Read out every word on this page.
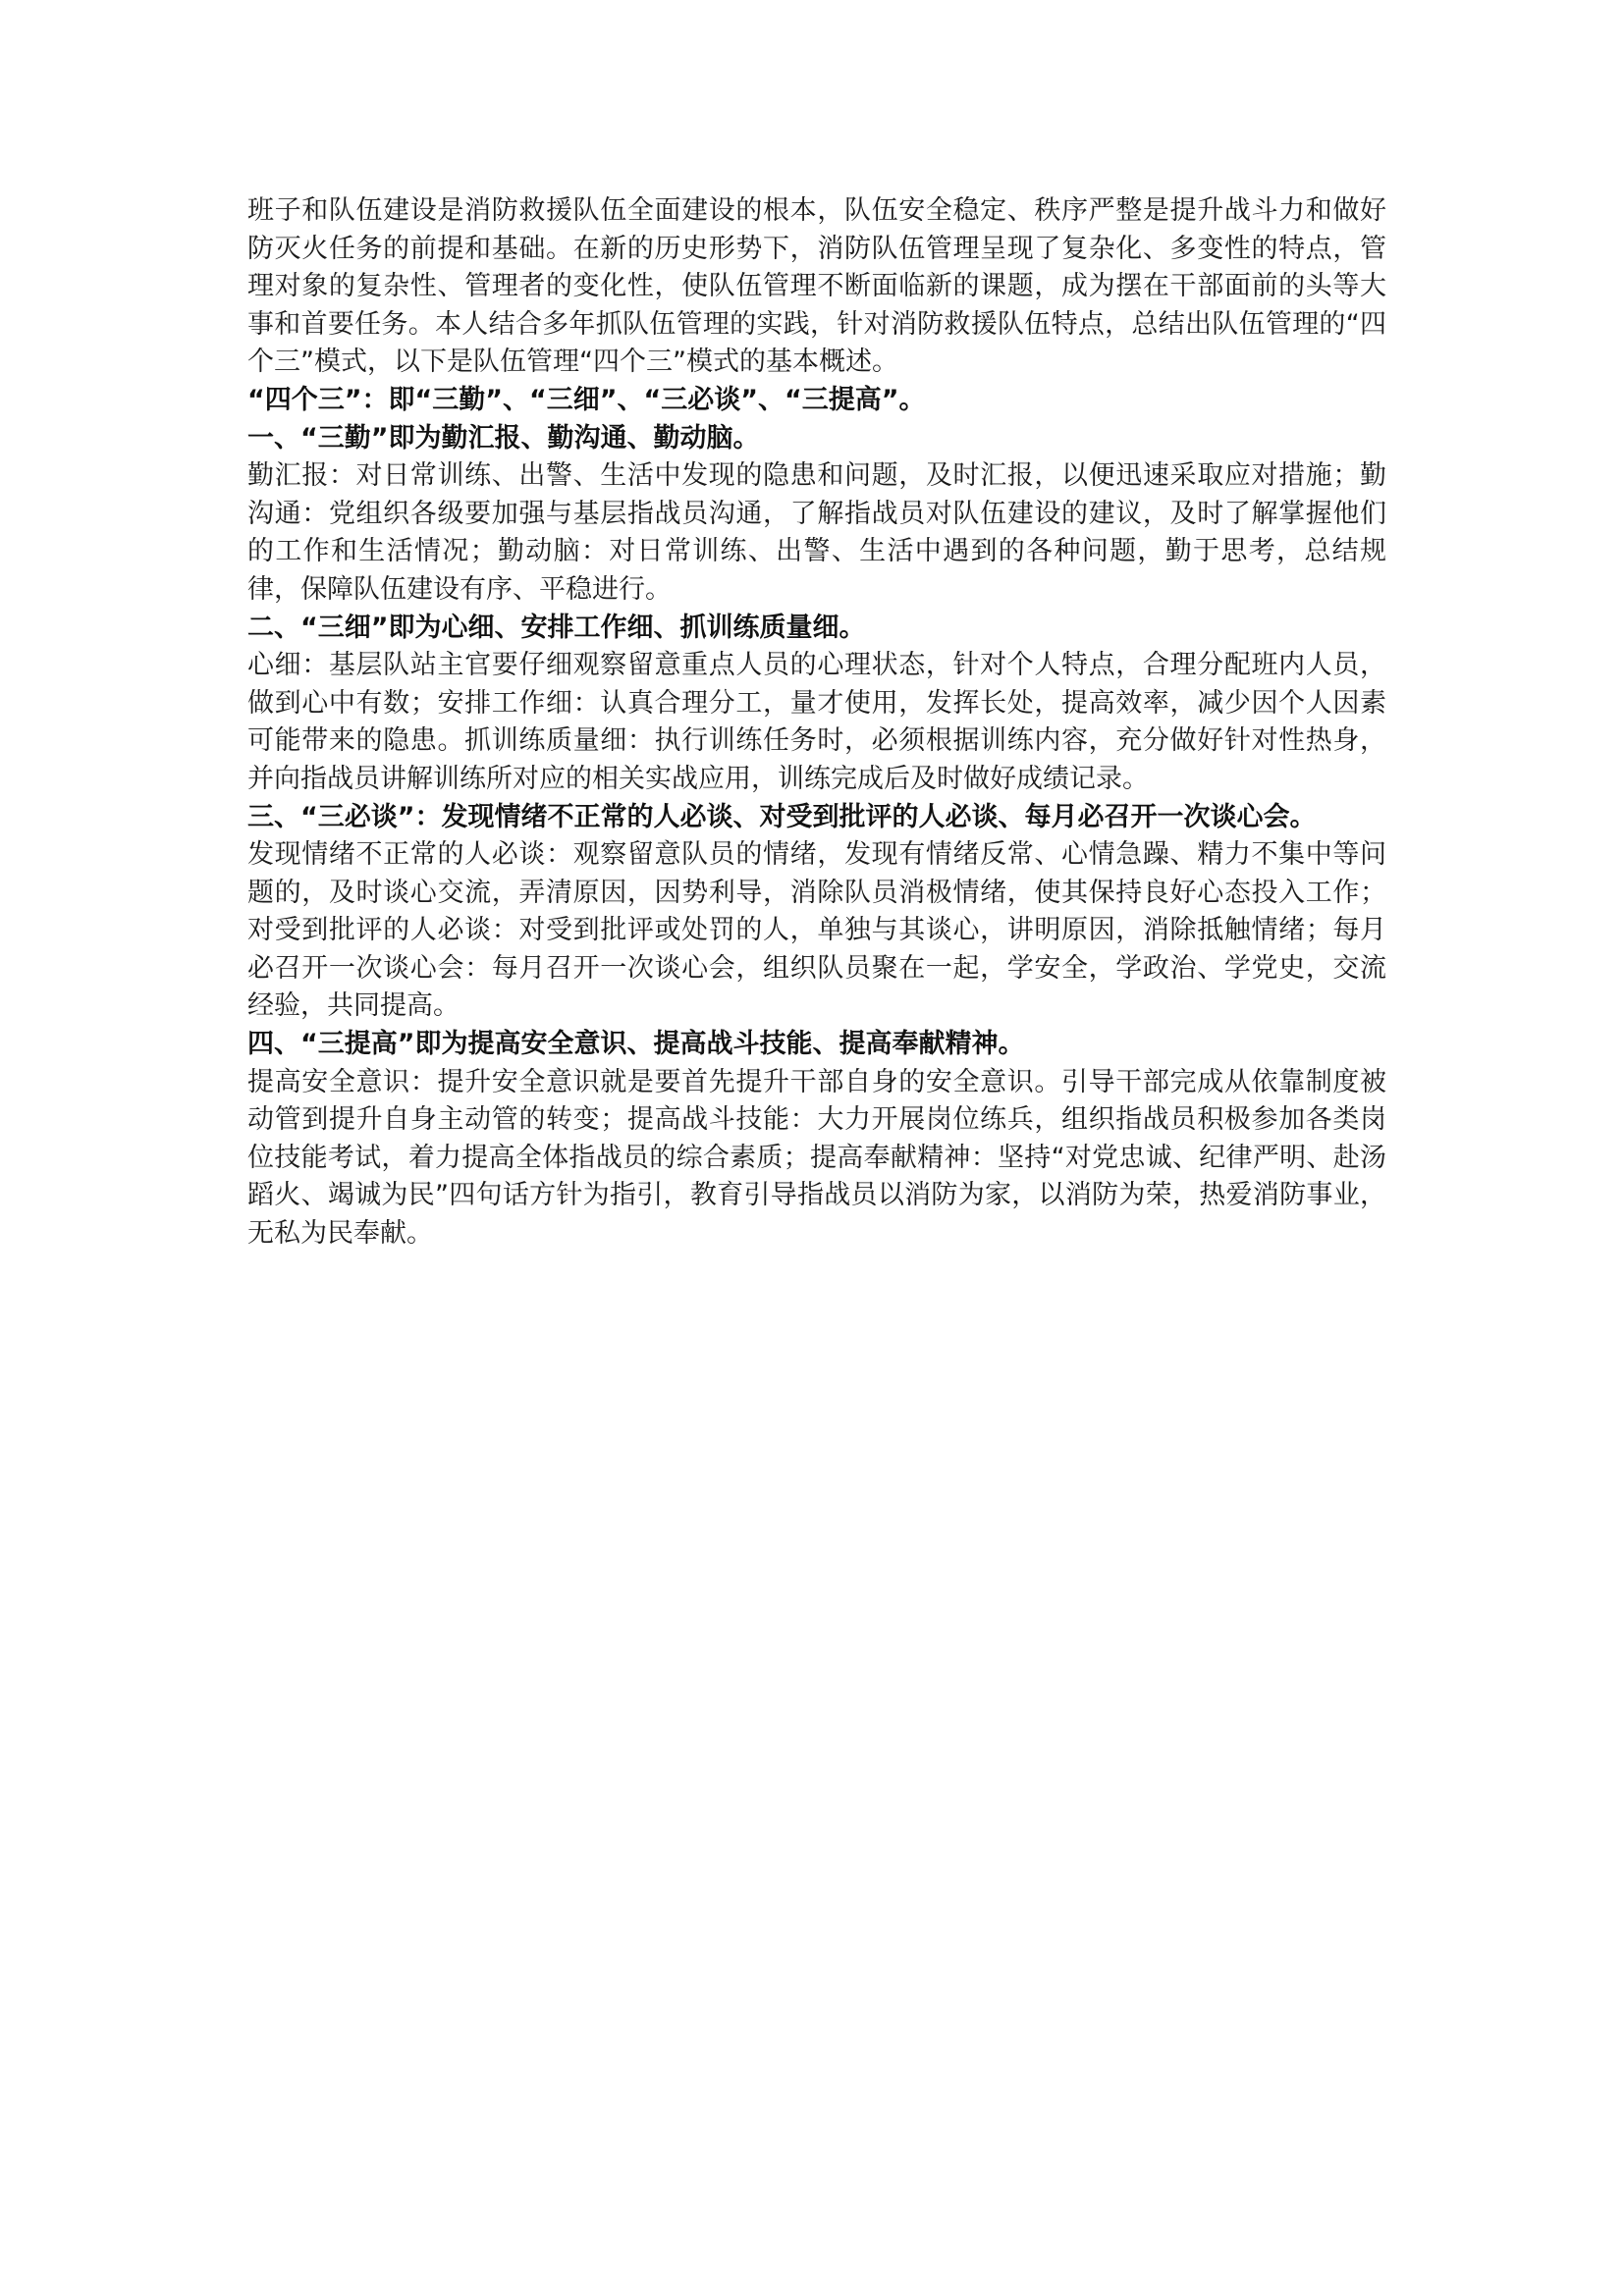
班子和队伍建设是消防救援队伍全面建设的根本，队伍安全稳定、秩序严整是提升战斗力和做好防灭火任务的前提和基础。在新的历史形势下，消防队伍管理呈现了复杂化、多变性的特点，管理对象的复杂性、管理者的变化性，使队伍管理不断面临新的课题，成为摆在干部面前的头等大事和首要任务。本人结合多年抓队伍管理的实践，针对消防救援队伍特点，总结出队伍管理的“四个三”模式，以下是队伍管理“四个三”模式的基本概述。

“四个三”：即“三勤”、“三细”、“三必谈”、“三提高”。

一、“三勤”即为勤汇报、勤沟通、勤动脑。

勤汇报：对日常训练、出警、生活中发现的隐患和问题，及时汇报，以便迅速采取应对措施；勤沟通：党组织各级要加强与基层指战员沟通，了解指战员对队伍建设的建议，及时了解掌握他们的工作和生活情况；勤动脑：对日常训练、出警、生活中遇到的各种问题，勤于思考，总结规律，保障队伍建设有序、平稳进行。

二、“三细”即为心细、安排工作细、抓训练质量细。

心细：基层队站主官要仔细观察留意重点人员的心理状态，针对个人特点，合理分配班内人员，做到心中有数；安排工作细：认真合理分工，量才使用，发挥长处，提高效率，减少因个人因素可能带来的隐患。抓训练质量细：执行训练任务时，必须根据训练内容，充分做好针对性热身，并向指战员讲解训练所对应的相关实战应用，训练完成后及时做好成绩记录。

三、“三必谈”：发现情绪不正常的人必谈、对受到批评的人必谈、每月必召开一次谈心会。

发现情绪不正常的人必谈：观察留意队员的情绪，发现有情绪反常、心情急躁、精力不集中等问题的，及时谈心交流，弄清原因，因势利导，消除队员消极情绪，使其保持良好心态投入工作；对受到批评的人必谈：对受到批评或处罚的人，单独与其谈心，讲明原因，消除抵触情绪；每月必召开一次谈心会：每月召开一次谈心会，组织队员聚在一起，学安全，学政治、学党史，交流经验，共同提高。

四、“三提高”即为提高安全意识、提高战斗技能、提高奉献精神。

提高安全意识：提升安全意识就是要首先提升干部自身的安全意识。引导干部完成从依靠制度被动管到提升自身主动管的转变；提高战斗技能：大力开展岗位练兵，组织指战员积极参加各类岗位技能考试，着力提高全体指战员的综合素质；提高奉献精神：坚持“对党忠诚、纪律严明、赴汤蹈火、竭诚为民”四句话方针为指引，教育引导指战员以消防为家，以消防为荣，热爱消防事业，无私为民奉献。
